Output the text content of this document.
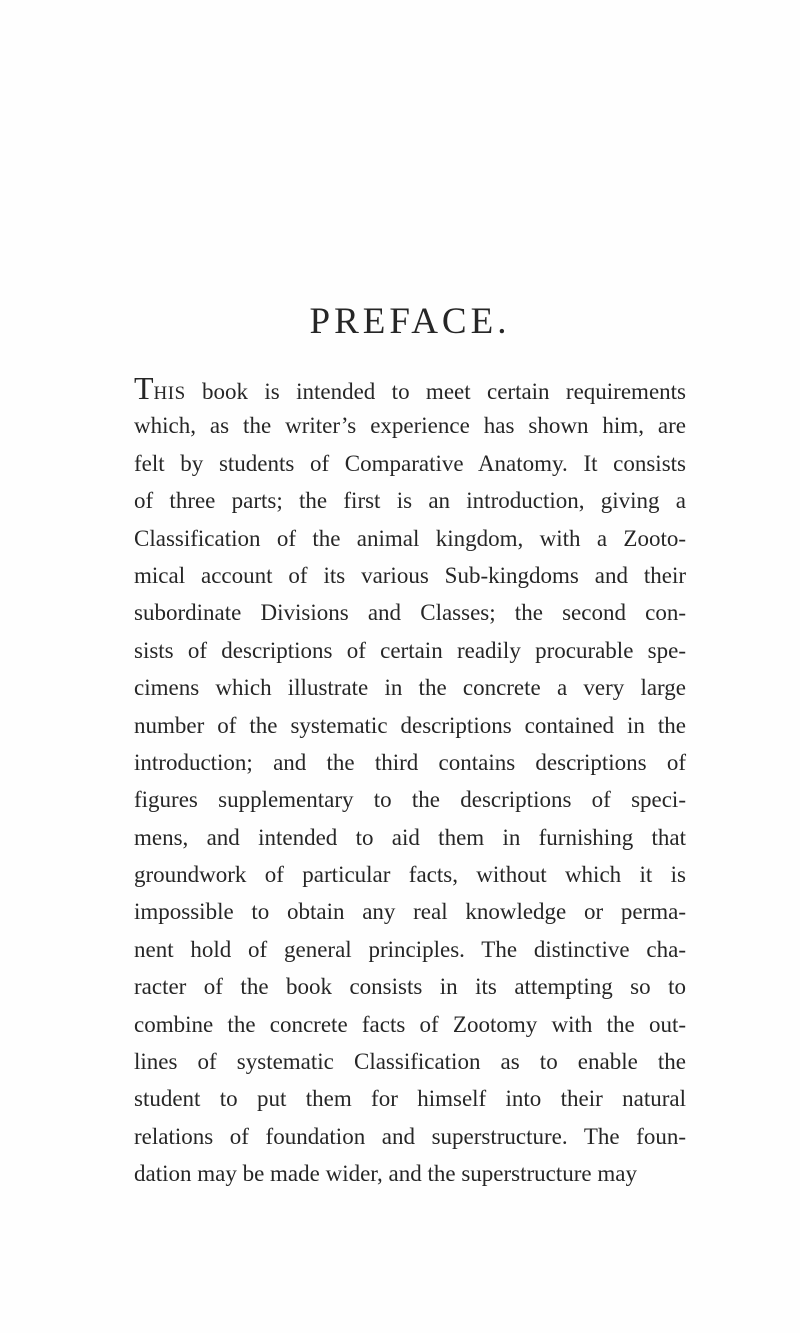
PREFACE.
THIS book is intended to meet certain requirements
which, as the writer’s experience has shown him, are
felt by students of Comparative Anatomy. It consists
of three parts; the first is an introduction, giving a
Classification of the animal kingdom, with a Zooto-
mical account of its various Sub-kingdoms and their
subordinate Divisions and Classes; the second con-
sists of descriptions of certain readily procurable spe-
cimens which illustrate in the concrete a very large
number of the systematic descriptions contained in the
introduction; and the third contains descriptions of
figures supplementary to the descriptions of speci-
mens, and intended to aid them in furnishing that
groundwork of particular facts, without which it is
impossible to obtain any real knowledge or perma-
nent hold of general principles. The distinctive cha-
racter of the book consists in its attempting so to
combine the concrete facts of Zootomy with the out-
lines of systematic Classification as to enable the
student to put them for himself into their natural
relations of foundation and superstructure. The foun-
dation may be made wider, and the superstructure may
